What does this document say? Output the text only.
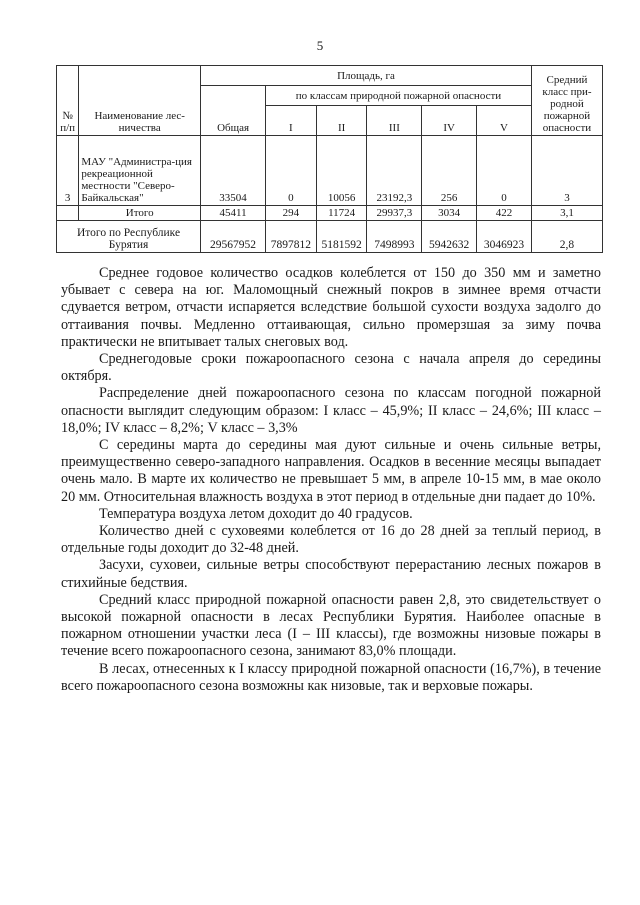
5
№ п/п	Наименование лес-ничества	Площадь, га						Средний класс при-родной пожарной опасности
		Общая	по классам природной пожарной опасности					
			I	II	III	IV	V	
3	МАУ "Администра-ция рекреационной местности "Северо-Байкальская"	33504	0	10056	23192,3	256	0	3
	Итого	45411	294	11724	29937,3	3034	422	3,1
Итого по Республике Бурятия		29567952	7897812	5181592	7498993	5942632	3046923	2,8

Среднее годовое количество осадков колеблется от 150 до 350 мм и заметно убывает с севера на юг. Маломощный снежный покров в зимнее время отчасти сдувается ветром, отчасти испаряется вследствие большой сухости воздуха задолго до оттаивания почвы. Медленно оттаивающая, сильно промерзшая за зиму почва практически не впитывает талых снеговых вод.

Среднегодовые сроки пожароопасного сезона с начала апреля до середины октября.

Распределение дней пожароопасного сезона по классам погодной пожарной опасности выглядит следующим образом: I класс – 45,9%; II класс – 24,6%; III класс – 18,0%; IV класс – 8,2%; V класс – 3,3%

С середины марта до середины мая дуют сильные и очень сильные ветры, преимущественно северо-западного направления. Осадков в весенние месяцы выпадает очень мало. В марте их количество не превышает 5 мм, в апреле 10-15 мм, в мае около 20 мм. Относительная влажность воздуха в этот период в отдельные дни падает до 10%.

Температура воздуха летом доходит до 40 градусов.

Количество дней с суховеями колеблется от 16 до 28 дней за теплый период, в отдельные годы доходит до 32-48 дней.

Засухи, суховеи, сильные ветры способствуют перерастанию лесных пожаров в стихийные бедствия.

Средний класс природной пожарной опасности равен 2,8, это свидетельствует о высокой пожарной опасности в лесах Республики Бурятия. Наиболее опасные в пожарном отношении участки леса (I – III классы), где возможны низовые пожары в течение всего пожароопасного сезона, занимают 83,0% площади.

В лесах, отнесенных к I классу природной пожарной опасности (16,7%), в течение всего пожароопасного сезона возможны как низовые, так и верховые пожары.
